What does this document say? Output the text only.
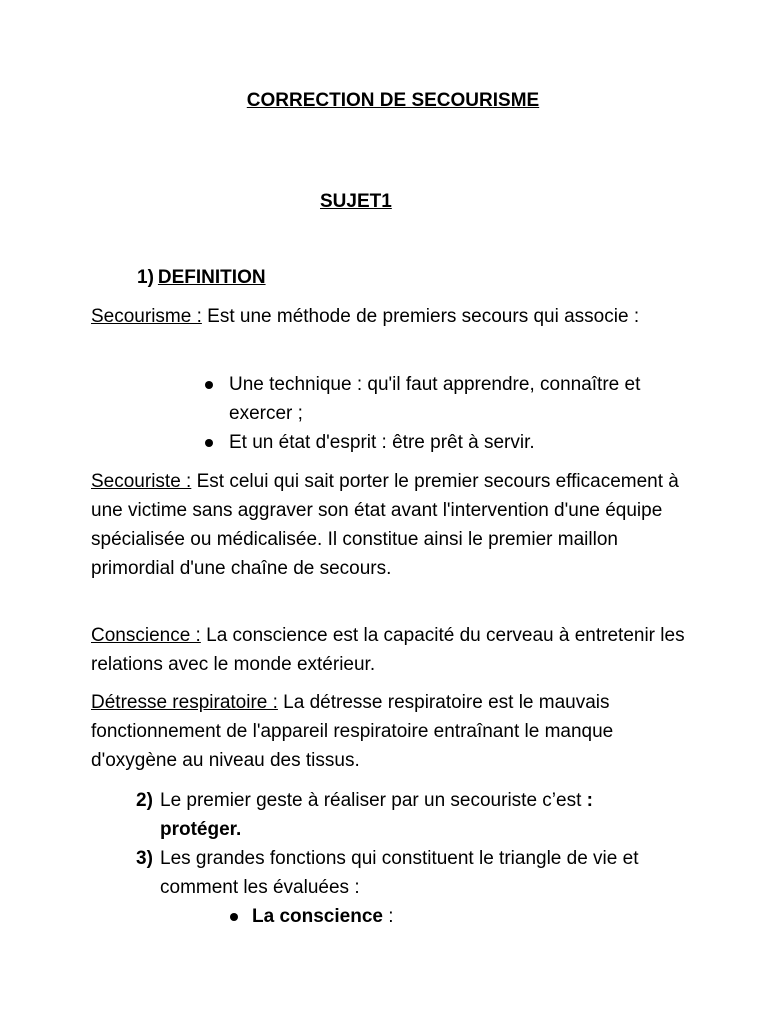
CORRECTION DE SECOURISME
SUJET1
1) DEFINITION
Secourisme : Est une méthode de premiers secours qui associe :
Une technique : qu'il faut apprendre, connaître et exercer ;
Et un état d'esprit : être prêt à servir.
Secouriste : Est celui qui sait porter le premier secours efficacement à une victime sans aggraver son état avant l'intervention d'une équipe spécialisée ou médicalisée. Il constitue ainsi le premier maillon primordial d'une chaîne de secours.
Conscience : La conscience est la capacité du cerveau à entretenir les relations avec le monde extérieur.
Détresse respiratoire : La détresse respiratoire est le mauvais fonctionnement de l'appareil respiratoire entraînant le manque d'oxygène au niveau des tissus.
2) Le premier geste à réaliser par un secouriste c’est :
protéger.
3) Les grandes fonctions qui constituent le triangle de vie et comment les évaluées :
La conscience :
